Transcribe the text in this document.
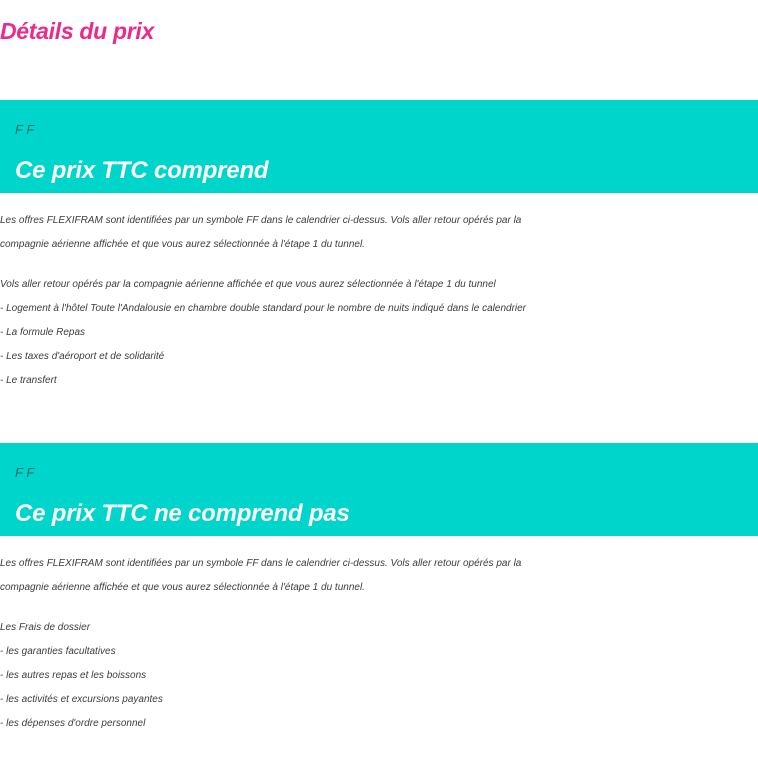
Détails du prix
F F
Ce prix TTC comprend
Les offres FLEXIFRAM sont identifiées par un symbole FF dans le calendrier ci-dessus. Vols aller retour opérés par la
compagnie aérienne affichée et que vous aurez sélectionnée à l'étape 1 du tunnel.
Vols aller retour opérés par la compagnie aérienne affichée et que vous aurez sélectionnée à l'étape 1 du tunnel
- Logement à l'hôtel Toute l'Andalousie en chambre double standard pour le nombre de nuits indiqué dans le calendrier
- La formule Repas
- Les taxes d'aéroport et de solidarité
- Le transfert
F F
Ce prix TTC ne comprend pas
Les offres FLEXIFRAM sont identifiées par un symbole FF dans le calendrier ci-dessus. Vols aller retour opérés par la
compagnie aérienne affichée et que vous aurez sélectionnée à l'étape 1 du tunnel.
Les Frais de dossier
- les garanties facultatives
- les autres repas et les boissons
- les activités et excursions payantes
- les dépenses d'ordre personnel
